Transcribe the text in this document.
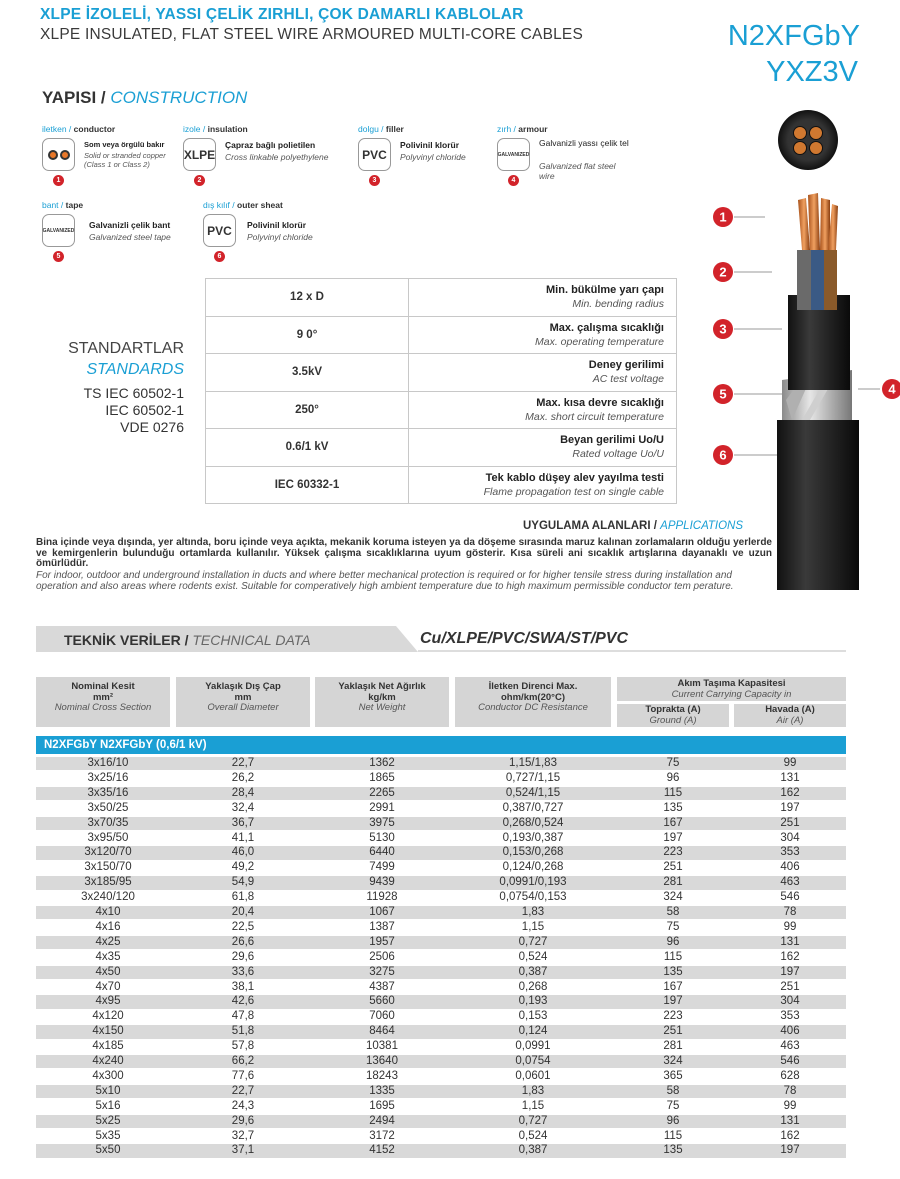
XLPE İZOLELİ, YASSI ÇELİK ZIRHLI, ÇOK DAMARLI KABLOLAR
XLPE INSULATED, FLAT STEEL WIRE ARMOURED MULTI-CORE CABLES	N2XFGbY
YXZ3V
YAPISI / CONSTRUCTION
iletken / conductor
1
Som veya örgülü bakır
Solid or stranded copper (Class 1 or Class 2)
izole / insulation
XLPE
2
Çapraz bağlı polietilen
Cross linkable polyethylene
dolgu / filler
PVC
3
Polivinil klorür
Polyvinyl chloride
zırh / armour
GALVANIZED
4
Galvanizli yassı çelik tel
Galvanized flat steel wire
bant / tape
GALVANIZED
5
Galvanizli çelik bant
Galvanized steel tape
dış kılıf / outer sheat
PVC
6
Polivinil klorür
Polyvinyl chloride
STANDARTLAR
STANDARDS
TS IEC 60502-1
IEC 60502-1
VDE 0276
12 x D	Min. bükülme yarı çapı
Min. bending radius

9 0°	Max. çalışma sıcaklığı
Max. operating temperature

3.5kV	Deney gerilimi
AC test voltage

250°	Max. kısa devre sıcaklığı
Max. short circuit temperature

0.6/1 kV	Beyan gerilimi Uo/U
Rated voltage Uo/U

IEC 60332-1	Tek kablo düşey alev yayılma testi
Flame propagation test on single cable
UYGULAMA ALANLARI / APPLICATIONS
Bina içinde veya dışında, yer altında, boru içinde veya açıkta, mekanik koruma isteyen ya da döşeme sırasında maruz kalınan zorlamaların olduğu yerlerde ve kemirgenlerin bulunduğu ortamlarda kullanılır. Yüksek çalışma sıcaklıklarına uyum gösterir. Kısa süreli ani sıcaklık artışlarına dayanaklı ve uzun ömürlüdür.
For indoor, outdoor and underground installation in ducts and where better mechanical protection is required or for higher tensile stress during installation and operation and also areas where rodents exist. Suitable for comperatively high ambient temperature due to high maximum permissible conductor tem perature.
1
2
3
5
6
4
TEKNİK VERİLER / TECHNICAL DATA	Cu/XLPE/PVC/SWA/ST/PVC
Nominal Kesit
mm²
Nominal Cross Section
Yaklaşık Dış Çap
mm
Overall Diameter
Yaklaşık Net Ağırlık
kg/km
Net Weight
İletken Direnci Max.
ohm/km(20°C)
Conductor DC Resistance
Akım Taşıma Kapasitesi
Current Carrying Capacity in
Toprakta (A)
Ground (A)
Havada (A)
Air (A)
N2XFGbY N2XFGbY (0,6/1 kV)
3x16/10	22,7	1362	1,15/1,83	75	99
3x25/16	26,2	1865	0,727/1,15	96	131
3x35/16	28,4	2265	0,524/1,15	115	162
3x50/25	32,4	2991	0,387/0,727	135	197
3x70/35	36,7	3975	0,268/0,524	167	251
3x95/50	41,1	5130	0,193/0,387	197	304
3x120/70	46,0	6440	0,153/0,268	223	353
3x150/70	49,2	7499	0,124/0,268	251	406
3x185/95	54,9	9439	0,0991/0,193	281	463
3x240/120	61,8	11928	0,0754/0,153	324	546
4x10	20,4	1067	1,83	58	78
4x16	22,5	1387	1,15	75	99
4x25	26,6	1957	0,727	96	131
4x35	29,6	2506	0,524	115	162
4x50	33,6	3275	0,387	135	197
4x70	38,1	4387	0,268	167	251
4x95	42,6	5660	0,193	197	304
4x120	47,8	7060	0,153	223	353
4x150	51,8	8464	0,124	251	406
4x185	57,8	10381	0,0991	281	463
4x240	66,2	13640	0,0754	324	546
4x300	77,6	18243	0,0601	365	628
5x10	22,7	1335	1,83	58	78
5x16	24,3	1695	1,15	75	99
5x25	29,6	2494	0,727	96	131
5x35	32,7	3172	0,524	115	162
5x50	37,1	4152	0,387	135	197
